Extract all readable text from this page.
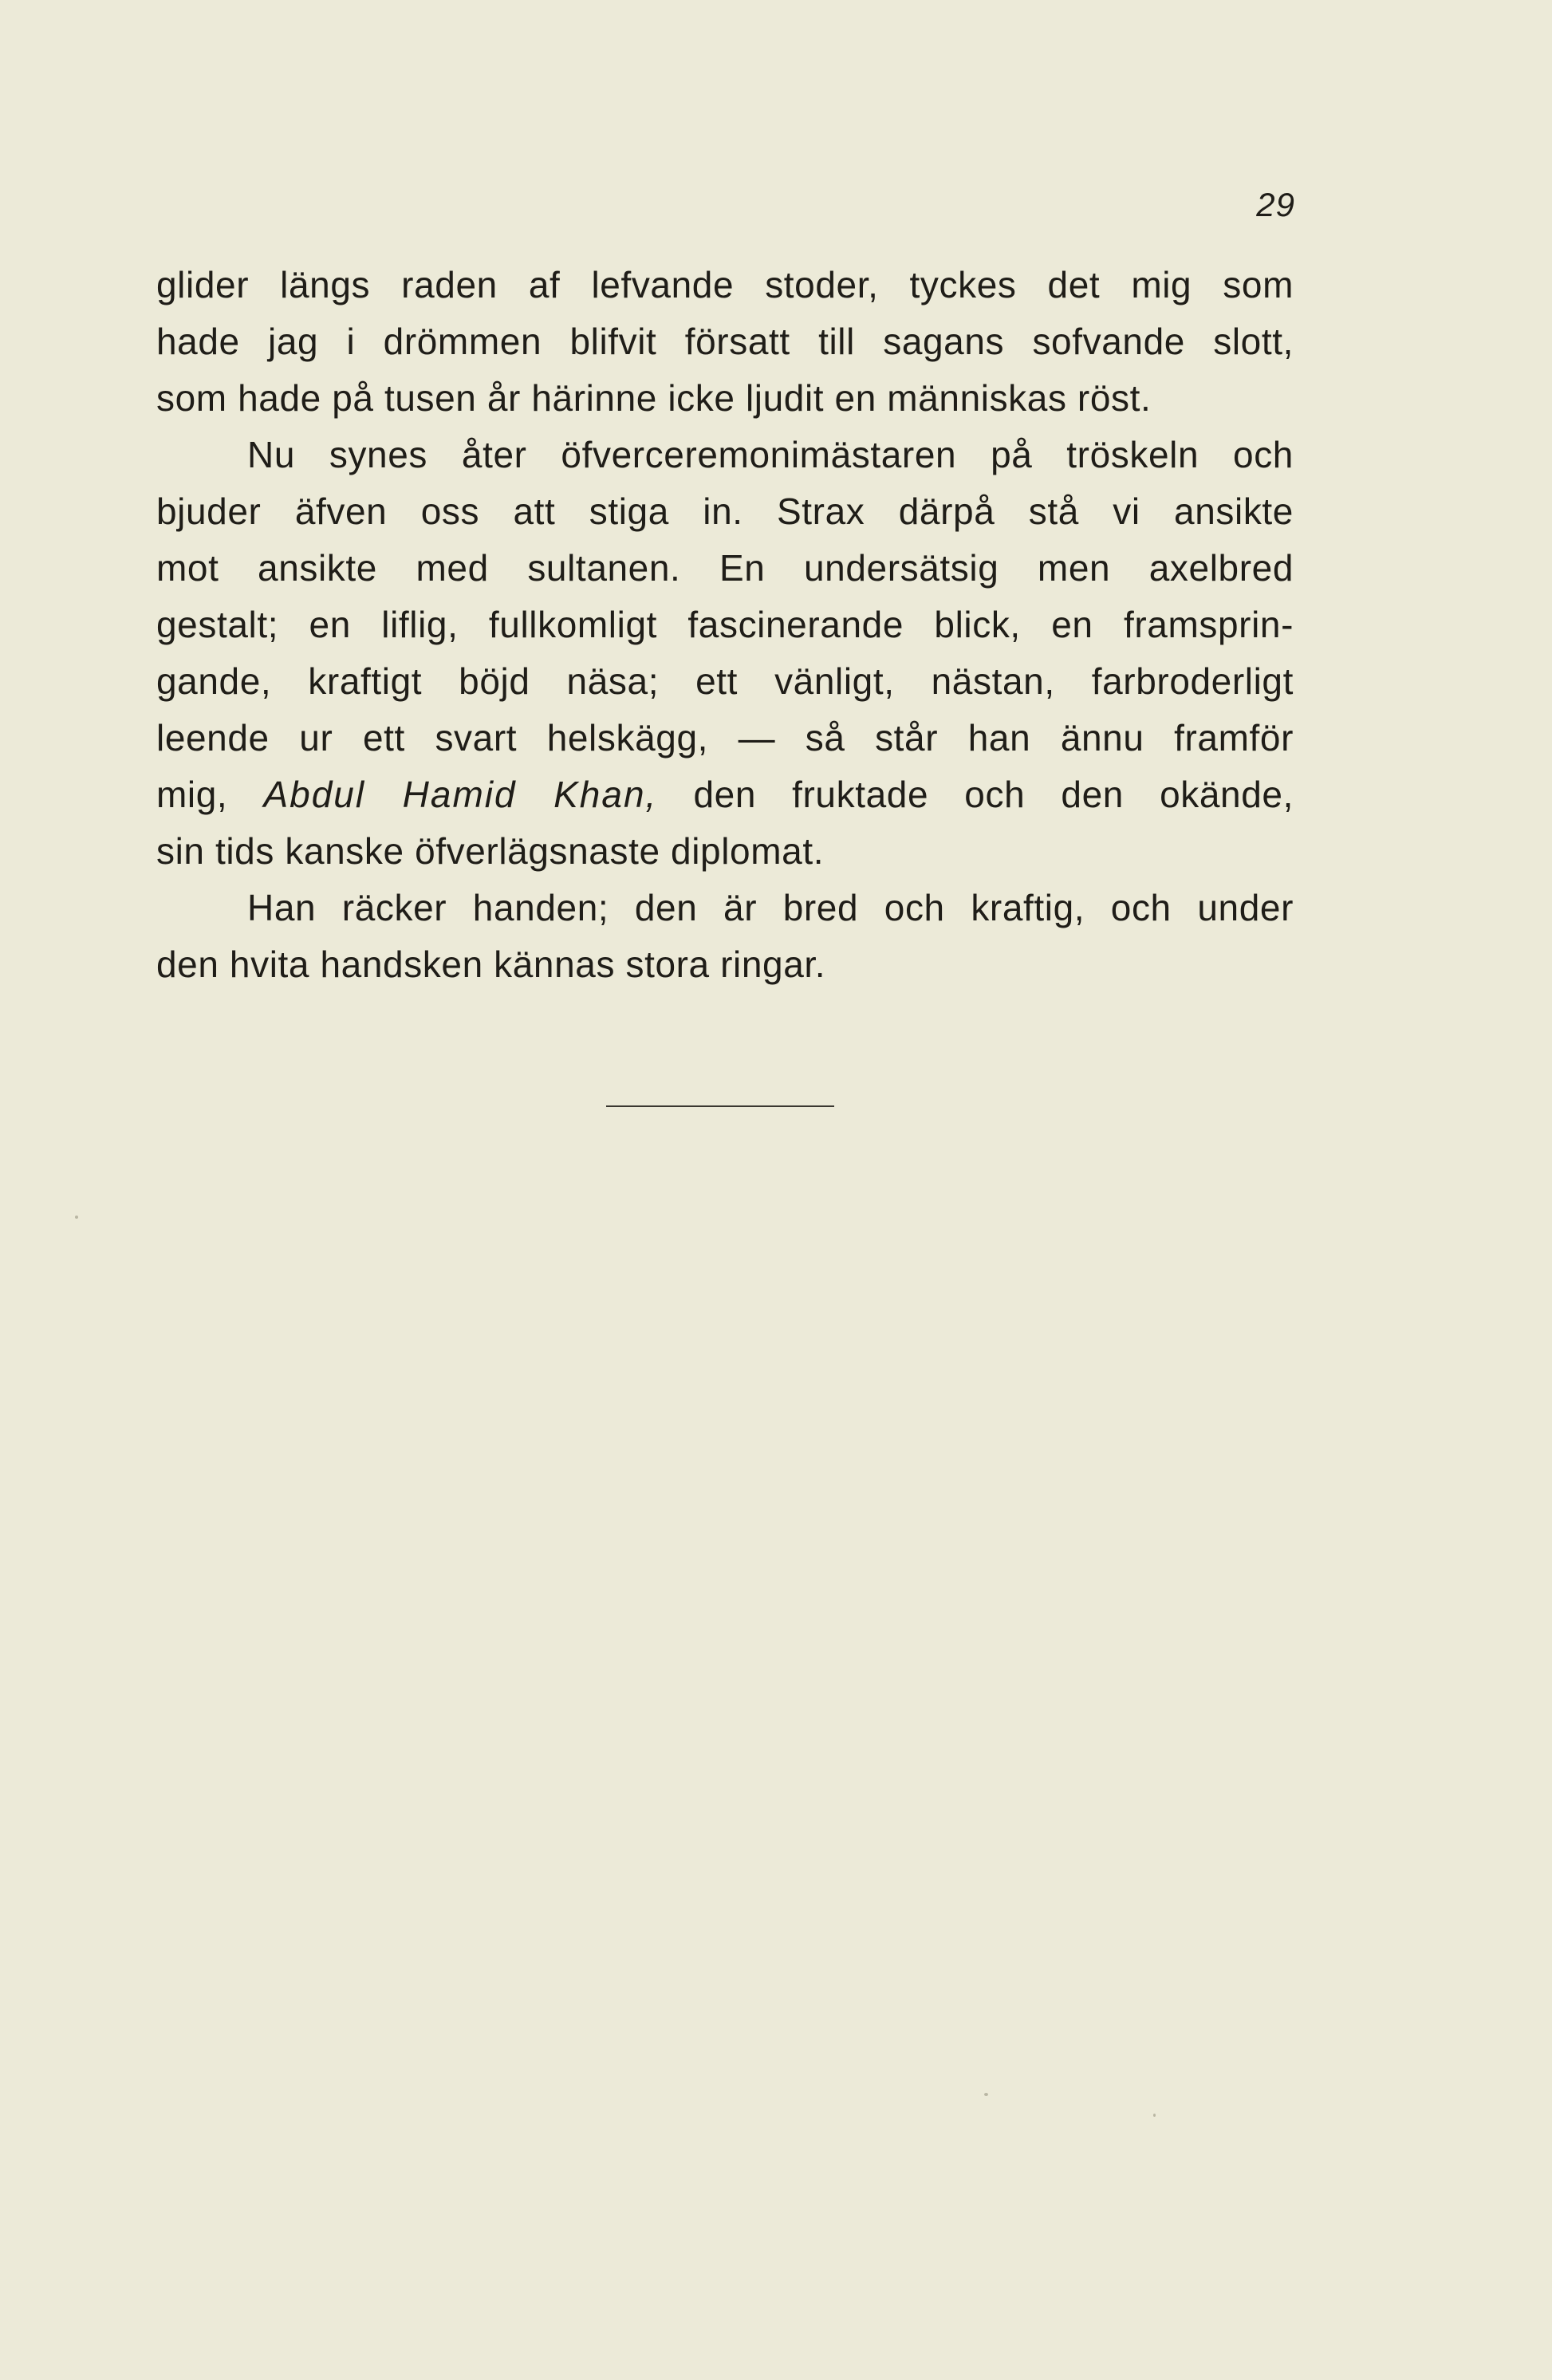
29
glider längs raden af lefvande stoder, tyckes det mig som
hade jag i drömmen blifvit försatt till sagans sofvande slott,
som hade på tusen år härinne icke ljudit en människas röst.
Nu synes åter öfverceremonimästaren på tröskeln och
bjuder äfven oss att stiga in. Strax därpå stå vi ansikte
mot ansikte med sultanen. En undersätsig men axelbred
gestalt; en liflig, fullkomligt fascinerande blick, en framsprin-
gande, kraftigt böjd näsa; ett vänligt, nästan, farbroderligt
leende ur ett svart helskägg, — så står han ännu framför
mig, Abdul Hamid Khan, den fruktade och den okände,
sin tids kanske öfverlägsnaste diplomat.
Han räcker handen; den är bred och kraftig, och under
den hvita handsken kännas stora ringar.
